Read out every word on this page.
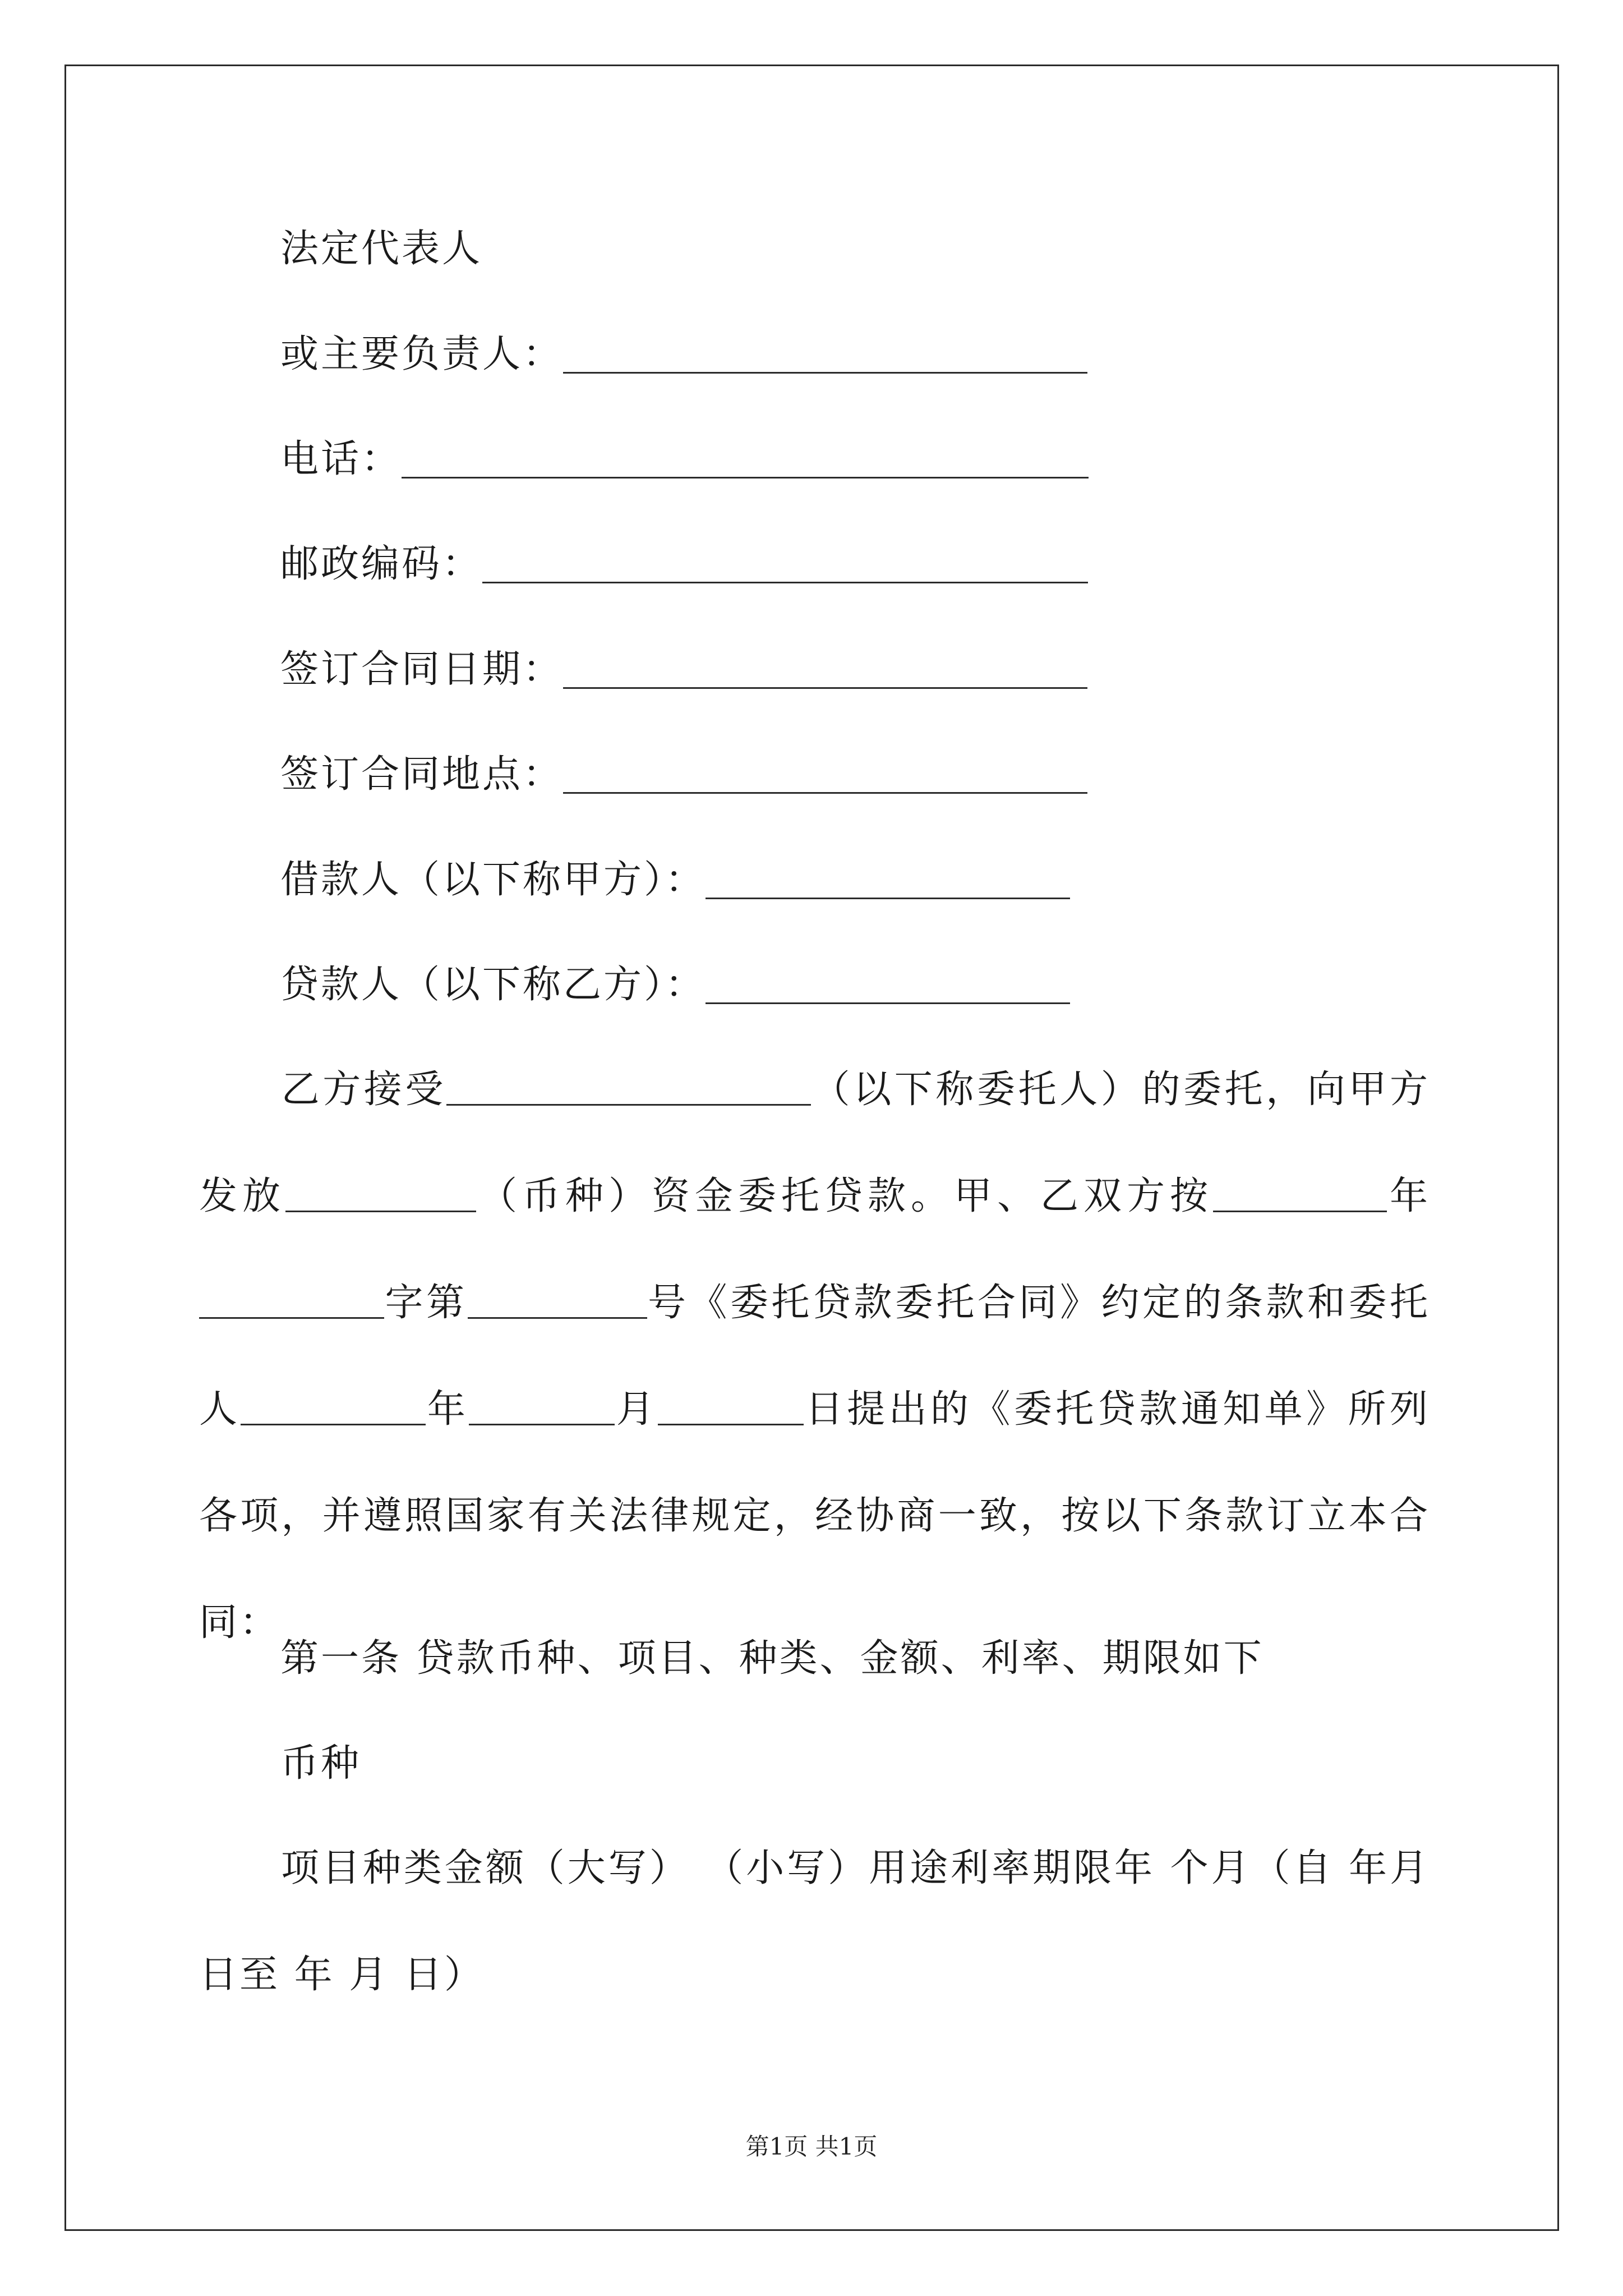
法定代表人
或主要负责人：
电话：
邮政编码：
签订合同日期：
签订合同地点：
借款人（以下称甲方）：
贷款人（以下称乙方）：
乙方接受	（以下称委托人）的委托，向甲方发放	（币种）资金委托贷款。甲、乙双方按	年字第	号《委托贷款委托合同》约定的条款和委托人	年	月	日提出的《委托贷款通知单》所列各项，并遵照国家有关法律规定，经协商一致，按以下条款订立本合同：
第一条 贷款币种、项目、种类、金额、利率、期限如下
币种
项目种类金额（大写） （小写）用途利率期限年 个月（自 年月 日至 年 月 日）
第1页 共1页
